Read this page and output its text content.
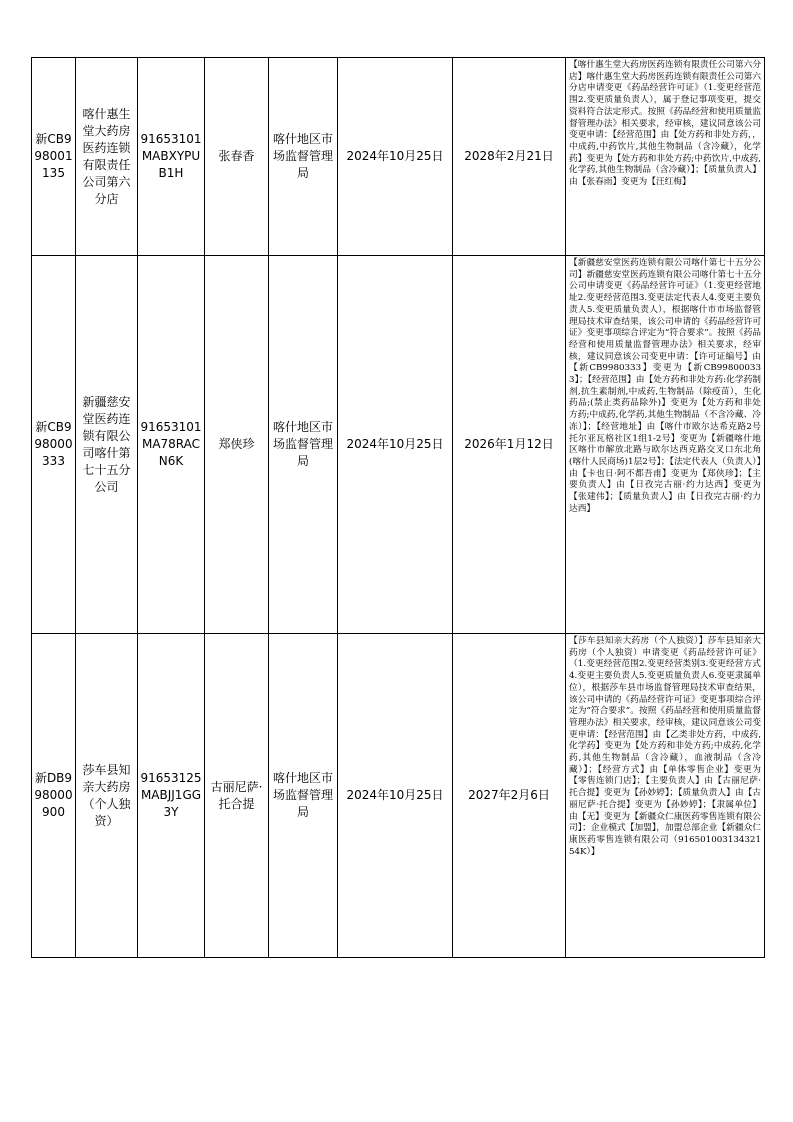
新CB998001135	喀什惠生堂大药房医药连锁有限责任公司第六分店	91653101MABXYPUB1H	张春香	喀什地区市场监督管理局	2024年10月25日	2028年2月21日	【喀什惠生堂大药房医药连锁有限责任公司第六分店】喀什惠生堂大药房医药连锁有限责任公司第六分店申请变更《药品经营许可证》（1.变更经营范围2.变更质量负责人），属于登记事项变更，提交资料符合法定形式。按照《药品经营和使用质量监督管理办法》相关要求，经审核，建议同意该公司变更申请：【经营范围】由【处方药和非处方药，，中成药,中药饮片,其他生物制品（含冷藏），化学药】变更为【处方药和非处方药;中药饮片,中成药,化学药,其他生物制品（含冷藏）】；【质量负责人】由【张春雨】变更为【汪红梅】
新CB998000333	新疆慈安堂医药连锁有限公司喀什第七十五分公司	91653101MA78RACN6K	郑侠珍	喀什地区市场监督管理局	2024年10月25日	2026年1月12日	【新疆慈安堂医药连锁有限公司喀什第七十五分公司】新疆慈安堂医药连锁有限公司喀什第七十五分公司申请变更《药品经营许可证》（1.变更经营地址2.变更经营范围3.变更法定代表人4.变更主要负责人5.变更质量负责人），根据喀什市市场监督管理局技术审查结果，该公司申请的《药品经营许可证》变更事项综合评定为“符合要求”。按照《药品经营和使用质量监督管理办法》相关要求，经审核，建议同意该公司变更申请：【许可证编号】由【新CB9980333】变更为【新CB998000333】；【经营范围】由【处方药和非处方药:化学药制剂,抗生素制剂,中成药,生物制品（除疫苗），生化药品;(禁止类药品除外)】变更为【处方药和非处方药;中成药,化学药,其他生物制品（不含冷藏、冷冻）】；【经营地址】由【喀什市欧尔达希克路2号托尔亚瓦格社区1组1-2号】变更为【新疆喀什地区喀什市解放北路与欧尔达西克路交叉口东北角(喀什人民商场)1层2号】；【法定代表人（负责人）】由【卡也日·阿不都吾甫】变更为【郑侠珍】；【主要负责人】由【日孜完古丽·约力达西】变更为【张建伟】；【质量负责人】由【日孜完古丽·约力达西】
新DB998000900	莎车县知亲大药房（个人独资）	91653125MABJJ1GG3Y	古丽尼萨·托合提	喀什地区市场监督管理局	2024年10月25日	2027年2月6日	【莎车县知亲大药房（个人独资）】莎车县知亲大药房（个人独资）申请变更《药品经营许可证》（1.变更经营范围2.变更经营类别3.变更经营方式4.变更主要负责人5.变更质量负责人6.变更隶属单位），根据莎车县市场监督管理局技术审查结果，该公司申请的《药品经营许可证》变更事项综合评定为“符合要求”。按照《药品经营和使用质量监督管理办法》相关要求，经审核，建议同意该公司变更申请：【经营范围】由【乙类非处方药，中成药,化学药】变更为【处方药和非处方药;中成药,化学药,其他生物制品（含冷藏），血液制品（含冷藏）】；【经营方式】由【单体零售企业】变更为【零售连锁门店】；【主要负责人】由【古丽尼萨·托合提】变更为【孙妙婷】；【质量负责人】由【古丽尼萨·托合提】变更为【孙妙婷】；【隶属单位】由【无】变更为【新疆众仁康医药零售连锁有限公司】；企业模式【加盟】，加盟总部企业【新疆众仁康医药零售连锁有限公司（91650100313432154K）】
